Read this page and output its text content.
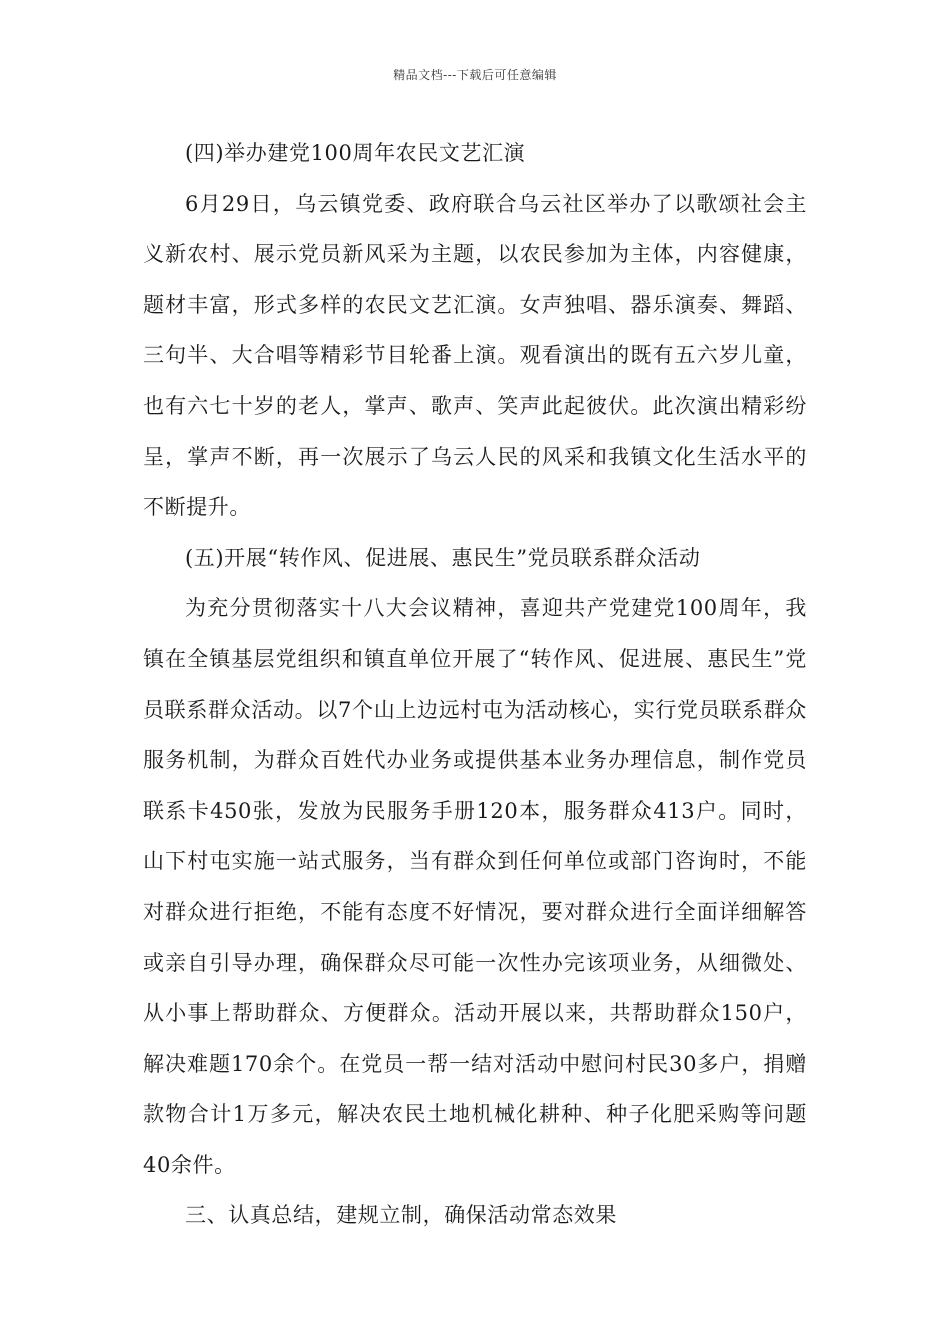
精品文档---下载后可任意编辑

(四)举办建党100周年农民文艺汇演

6月29日，乌云镇党委、政府联合乌云社区举办了以歌颂社会主义新农村、展示党员新风采为主题，以农民参加为主体，内容健康，题材丰富，形式多样的农民文艺汇演。女声独唱、器乐演奏、舞蹈、三句半、大合唱等精彩节目轮番上演。观看演出的既有五六岁儿童，也有六七十岁的老人，掌声、歌声、笑声此起彼伏。此次演出精彩纷呈，掌声不断，再一次展示了乌云人民的风采和我镇文化生活水平的不断提升。

(五)开展“转作风、促进展、惠民生”党员联系群众活动

为充分贯彻落实十八大会议精神，喜迎共产党建党100周年，我镇在全镇基层党组织和镇直单位开展了“转作风、促进展、惠民生”党员联系群众活动。以7个山上边远村屯为活动核心，实行党员联系群众服务机制，为群众百姓代办业务或提供基本业务办理信息，制作党员联系卡450张，发放为民服务手册120本，服务群众413户。同时，山下村屯实施一站式服务，当有群众到任何单位或部门咨询时，不能对群众进行拒绝，不能有态度不好情况，要对群众进行全面详细解答或亲自引导办理，确保群众尽可能一次性办完该项业务，从细微处、从小事上帮助群众、方便群众。活动开展以来，共帮助群众150户，解决难题170余个。在党员一帮一结对活动中慰问村民30多户，捐赠款物合计1万多元，解决农民土地机械化耕种、种子化肥采购等问题40余件。

三、认真总结，建规立制，确保活动常态效果
